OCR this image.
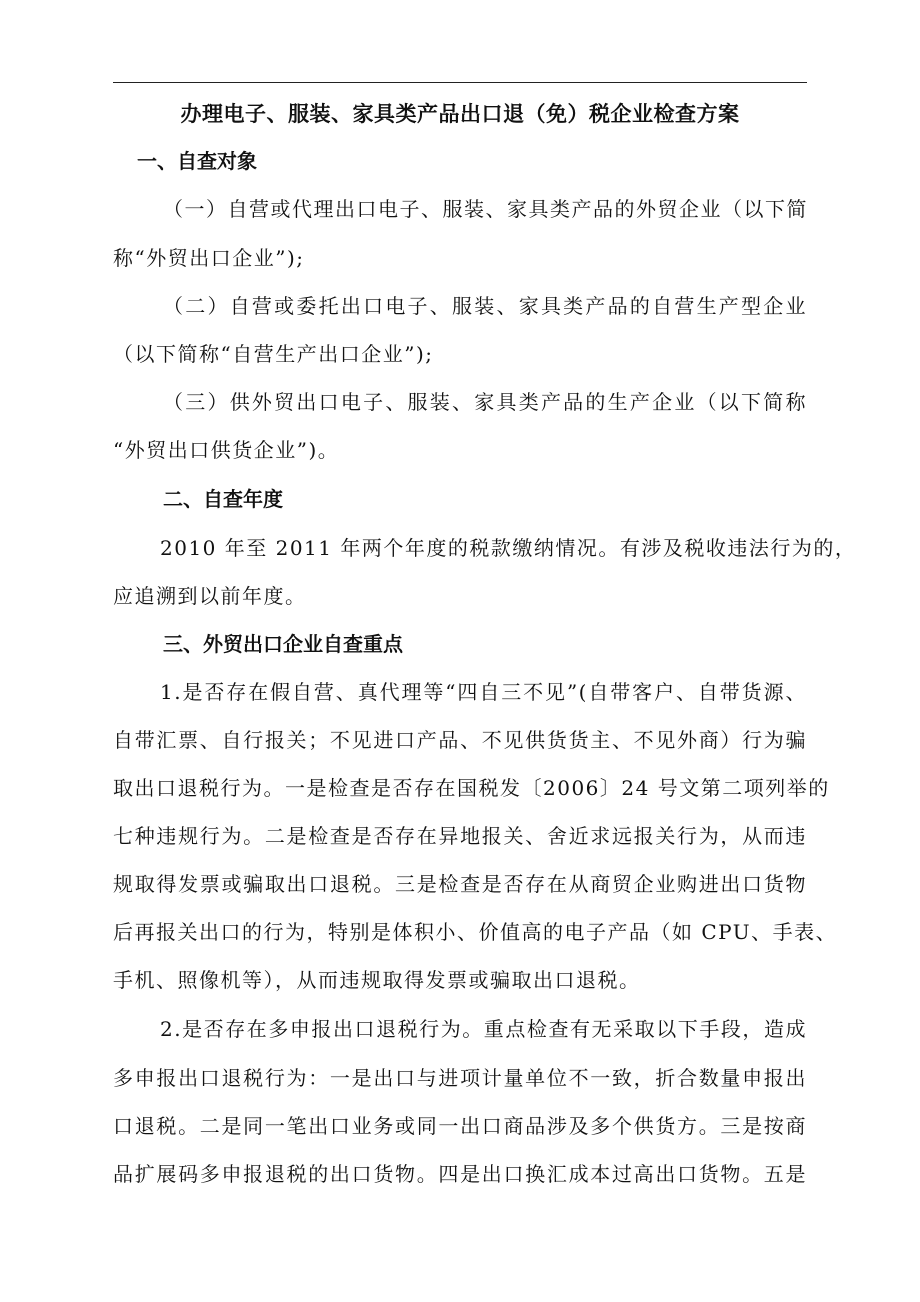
办理电子、服装、家具类产品出口退（免）税企业检查方案
一、自查对象

（一）自营或代理出口电子、服装、家具类产品的外贸企业（以下简

称“外贸出口企业”);

（二）自营或委托出口电子、服装、家具类产品的自营生产型企业

（以下简称“自营生产出口企业”);

（三）供外贸出口电子、服装、家具类产品的生产企业（以下简称

“外贸出口供货企业”)。

二、自查年度

2010 年至 2011 年两个年度的税款缴纳情况。有涉及税收违法行为的，

应追溯到以前年度。

三、外贸出口企业自查重点

1.是否存在假自营、真代理等“四自三不见”(自带客户、自带货源、

自带汇票、自行报关；不见进口产品、不见供货货主、不见外商）行为骗

取出口退税行为。一是检查是否存在国税发〔2006〕24 号文第二项列举的

七种违规行为。二是检查是否存在异地报关、舍近求远报关行为，从而违

规取得发票或骗取出口退税。三是检查是否存在从商贸企业购进出口货物

后再报关出口的行为，特别是体积小、价值高的电子产品（如 CPU、手表、

手机、照像机等），从而违规取得发票或骗取出口退税。

2.是否存在多申报出口退税行为。重点检查有无采取以下手段，造成

多申报出口退税行为：一是出口与进项计量单位不一致，折合数量申报出

口退税。二是同一笔出口业务或同一出口商品涉及多个供货方。三是按商

品扩展码多申报退税的出口货物。四是出口换汇成本过高出口货物。五是
